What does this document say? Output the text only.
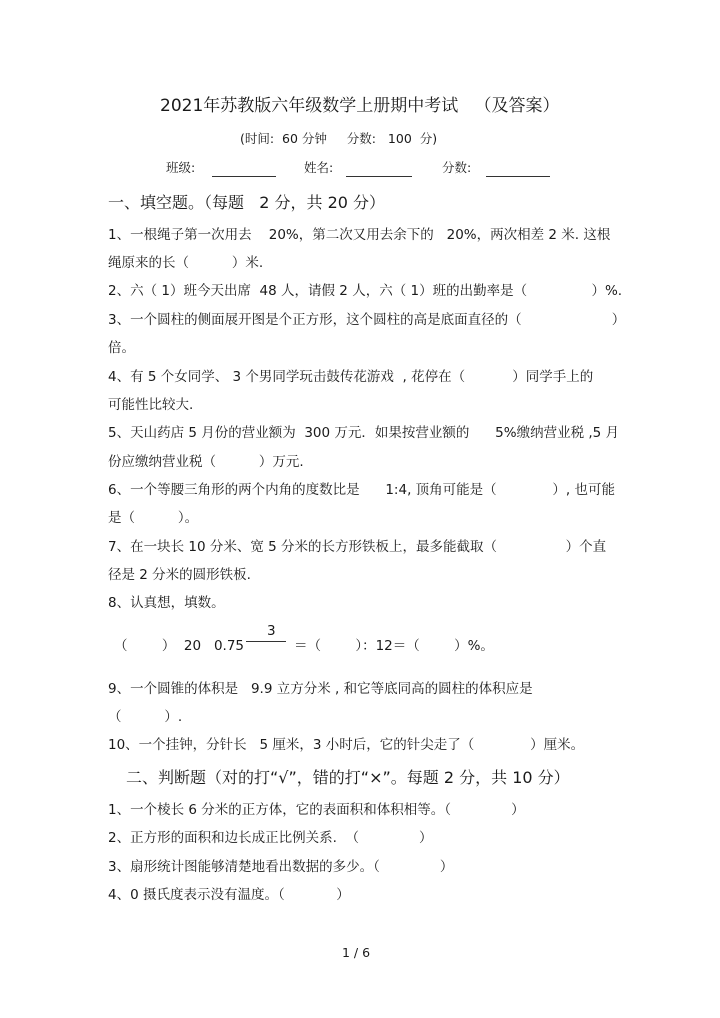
2021年苏教版六年级数学上册期中考试   （及答案）
(时间:  60 分钟     分数:   100  分)
班级:	姓名:	分数:
一、填空题。（每题   2 分，共 20 分）
1、一根绳子第一次用去    20%，第二次又用去余下的   20%，两次相差 2 米. 这根
绳原来的长（          ）米.
2、六（ 1）班今天出席  48 人，请假 2 人，六（ 1）班的出勤率是（               ）%.
3、一个圆柱的侧面展开图是个正方形，这个圆柱的高是底面直径的（                     ）
倍。
4、有 5 个女同学、 3 个男同学玩击鼓传花游戏  , 花停在（           ）同学手上的
可能性比较大.
5、天山药店 5 月份的营业额为  300 万元．如果按营业额的      5%缴纳营业税 ,5 月
份应缴纳营业税（          ）万元.
6、一个等腰三角形的两个内角的度数比是      1:4, 顶角可能是（             ）, 也可能
是（          ）。
7、在一块长 10 分米、宽 5 分米的长方形铁板上，最多能截取（                ）个直
径是 2 分米的圆形铁板.
8、认真想，填数。
（        ）  20   0.75
3
＝（        ）：12＝（        ）%。
9、一个圆锥的体积是   9.9 立方分米 , 和它等底同高的圆柱的体积应是
（          ）.
10、一个挂钟，分针长   5 厘米，3 小时后，它的针尖走了（             ）厘米。
二、判断题（对的打“√”，错的打“×”。每题 2 分，共 10 分）
1、一个棱长 6 分米的正方体，它的表面积和体积相等。（              ）
2、正方形的面积和边长成正比例关系.  （              ）
3、扇形统计图能够清楚地看出数据的多少。（              ）
4、0 摄氏度表示没有温度。（            ）
1 / 6
